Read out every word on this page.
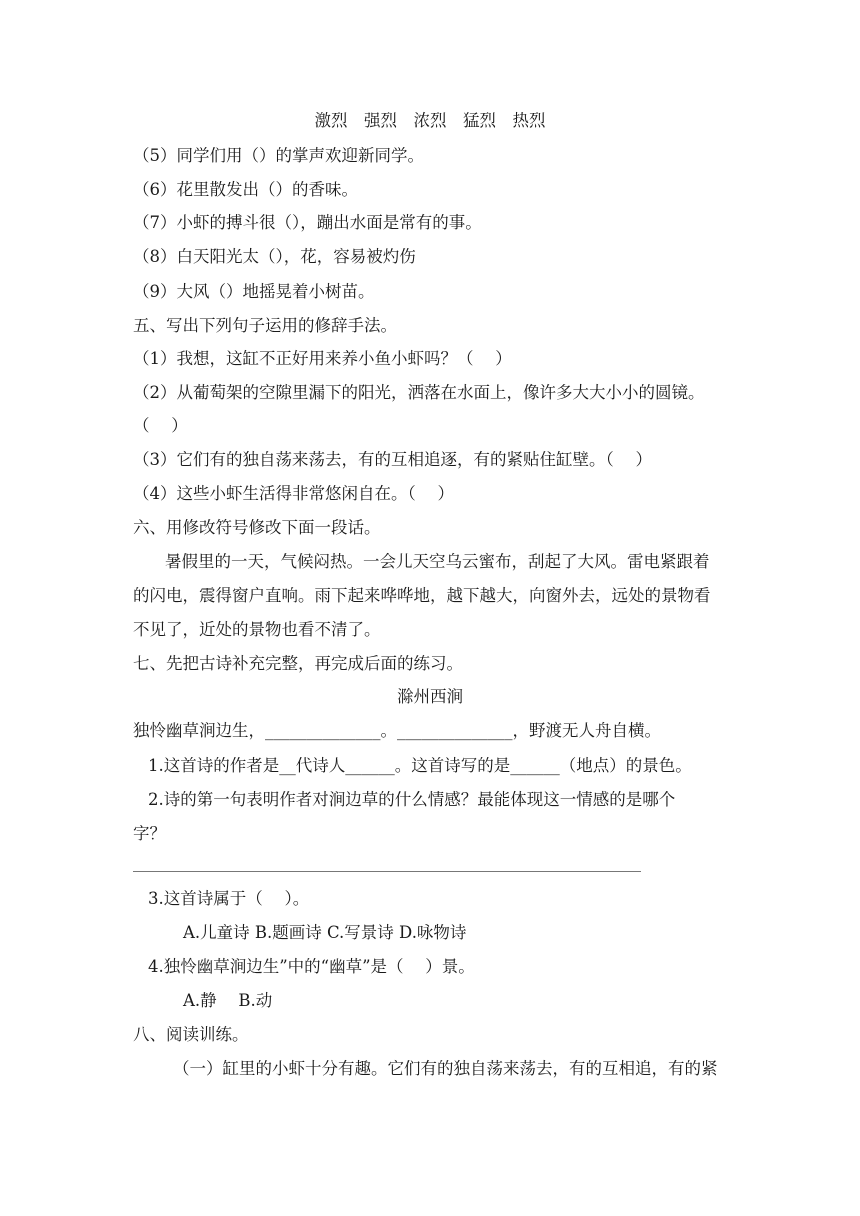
激烈　强烈　浓烈　猛烈　热烈
（5）同学们用（）的掌声欢迎新同学。
（6）花里散发出（）的香味。
（7）小虾的搏斗很（），蹦出水面是常有的事。
（8）白天阳光太（），花，容易被灼伤
（9）大风（）地摇晃着小树苗。
五、写出下列句子运用的修辞手法。
（1）我想，这缸不正好用来养小鱼小虾吗？（　 ）
（2）从葡萄架的空隙里漏下的阳光，洒落在水面上，像许多大大小小的圆镜。
（　 ）
（3）它们有的独自荡来荡去，有的互相追逐，有的紧贴住缸壁。（　 ）
（4）这些小虾生活得非常悠闲自在。（　 ）
六、用修改符号修改下面一段话。
暑假里的一天，气候闷热。一会儿天空乌云蜜布，刮起了大风。雷电紧跟着
的闪电，震得窗户直响。雨下起来哗哗地，越下越大，向窗外去，远处的景物看
不见了，近处的景物也看不清了。
七、先把古诗补充完整，再完成后面的练习。
滁州西涧
独怜幽草涧边生，______________。______________，野渡无人舟自横。
1.这首诗的作者是__代诗人______。这首诗写的是______（地点）的景色。
2.诗的第一句表明作者对涧边草的什么情感？最能体现这一情感的是哪个
字？
3.这首诗属于（　 ）。
A.儿童诗 B.题画诗 C.写景诗 D.咏物诗
4.独怜幽草涧边生”中的“幽草”是（　 ）景。
A.静　 B.动
八、阅读训练。
（一）缸里的小虾十分有趣。它们有的独自荡来荡去，有的互相追，有的紧
